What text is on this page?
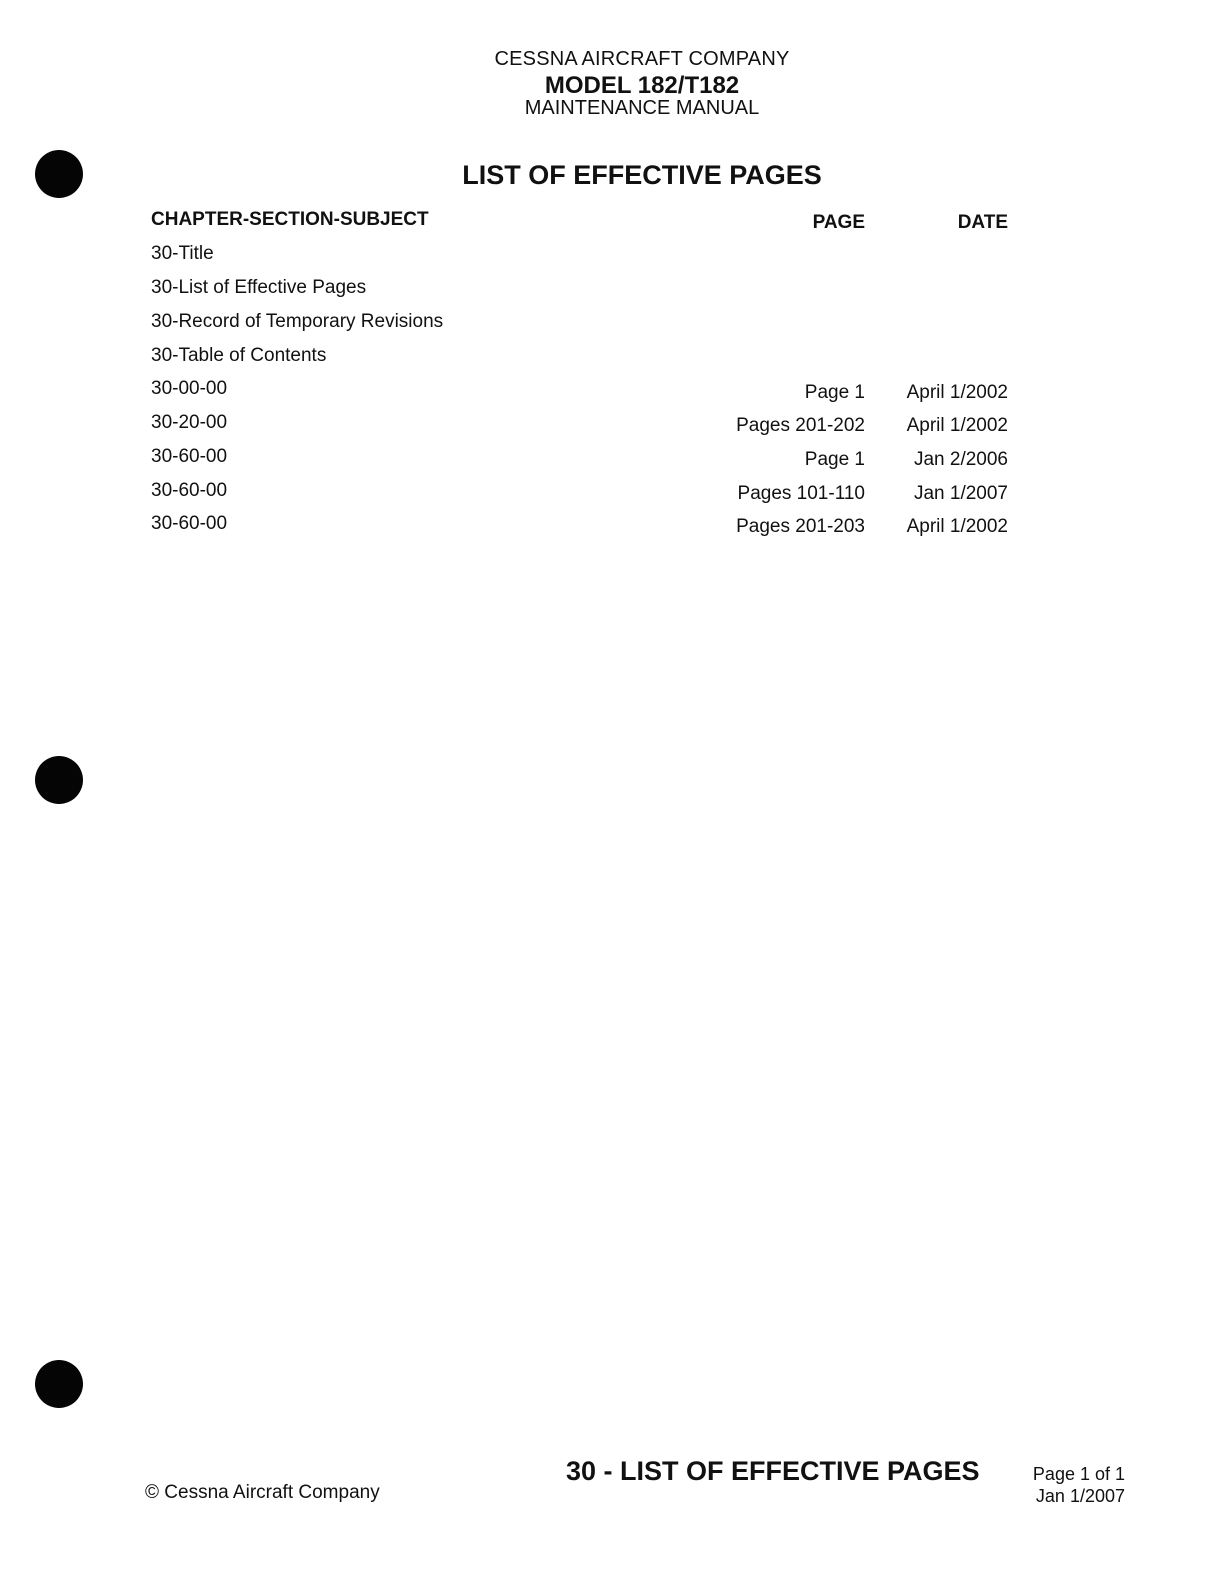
CESSNA AIRCRAFT COMPANY
MODEL 182/T182
MAINTENANCE MANUAL
LIST OF EFFECTIVE PAGES
CHAPTER-SECTION-SUBJECT	PAGE	DATE
30-Title
30-List of Effective Pages
30-Record of Temporary Revisions
30-Table of Contents
30-00-00	Page 1 April 1/2002
30-20-00	Pages 201-202 April 1/2002
30-60-00	Page 1	Jan 2/2006
30-60-00	Pages 101-110	Jan 1/2007
30-60-00	Pages 201-203 April 1/2002
© Cessna Aircraft Company
30 - LIST OF EFFECTIVE PAGES	Page 1 of 1
Jan 1/2007
